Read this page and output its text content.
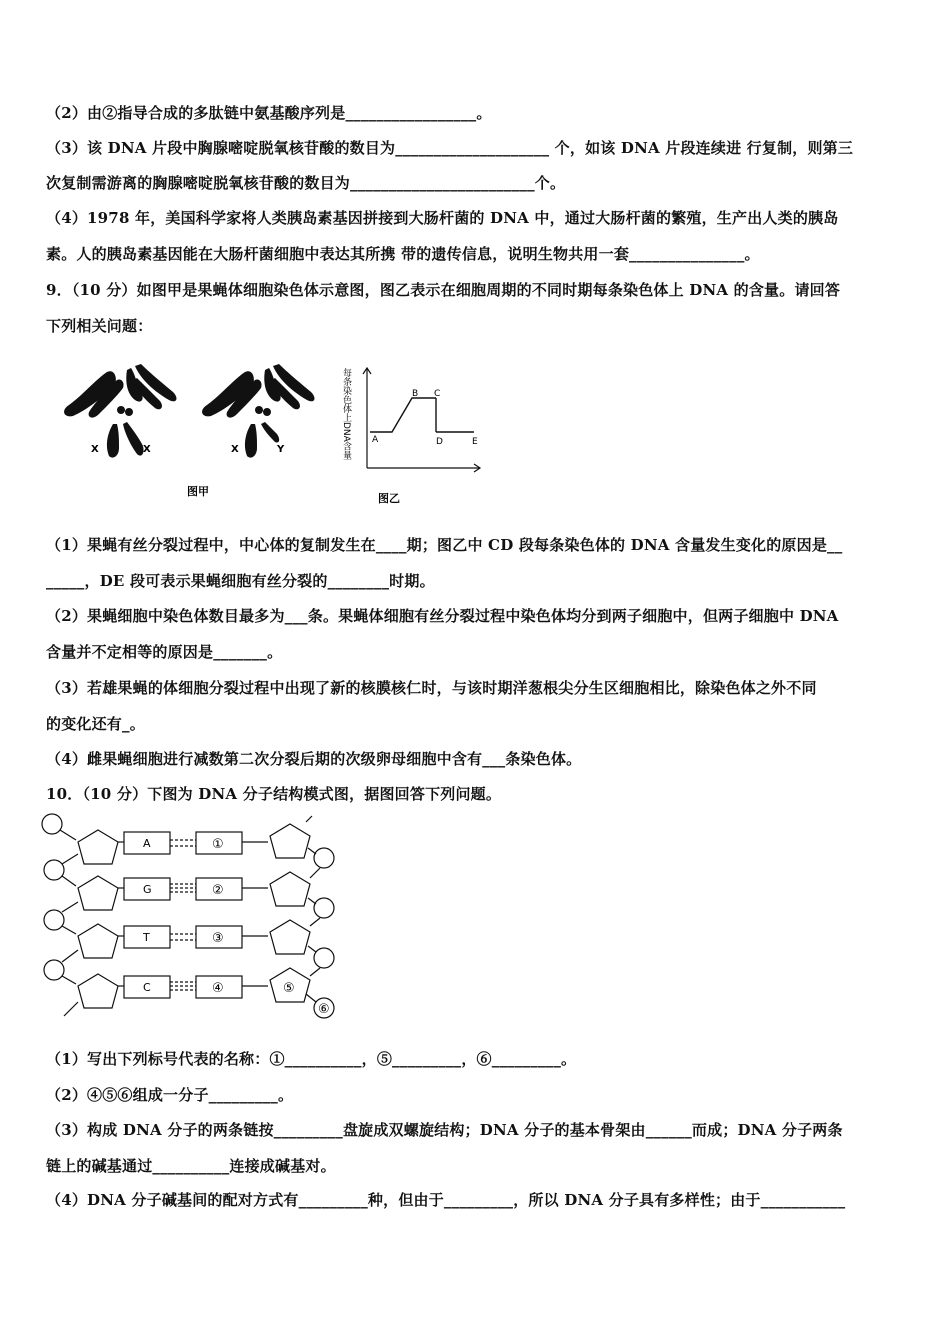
（2）由②指导合成的多肽链中氨基酸序列是_________________。
（3）该 DNA 片段中胸腺嘧啶脱氧核苷酸的数目为____________________ 个，如该 DNA 片段连续进 行复制，则第三
次复制需游离的胸腺嘧啶脱氧核苷酸的数目为________________________个。
（4）1978 年，美国科学家将人类胰岛素基因拼接到大肠杆菌的 DNA 中，通过大肠杆菌的繁殖，生产出人类的胰岛
素。人的胰岛素基因能在大肠杆菌细胞中表达其所携 带的遗传信息，说明生物共用一套_______________。
9．（10 分）如图甲是果蝇体细胞染色体示意图，图乙表示在细胞周期的不同时期每条染色体上 DNA 的含量。请回答
下列相关问题：
X	X
图甲
X	Y	每条染色体上DNA含量 A
B C
D	E
图乙
（1）果蝇有丝分裂过程中，中心体的复制发生在____期；图乙中 CD 段每条染色体的 DNA 含量发生变化的原因是__
_____，DE 段可表示果蝇细胞有丝分裂的________时期。
（2）果蝇细胞中染色体数目最多为___条。果蝇体细胞有丝分裂过程中染色体均分到两子细胞中，但两子细胞中 DNA
含量并不定相等的原因是_______。
（3）若雄果蝇的体细胞分裂过程中出现了新的核膜核仁时，与该时期洋葱根尖分生区细胞相比，除染色体之外不同
的变化还有_。
（4）雌果蝇细胞进行减数第二次分裂后期的次级卵母细胞中含有___条染色体。
10．（10 分）下图为 DNA 分子结构模式图，据图回答下列问题。
A
G
T
C
①
②
③
④	⑤
⑥
（1）写出下列标号代表的名称：①__________，⑤_________，⑥_________。
（2）④⑤⑥组成一分子_________。
（3）构成 DNA 分子的两条链按_________盘旋成双螺旋结构；DNA 分子的基本骨架由______而成；DNA 分子两条
链上的碱基通过__________连接成碱基对。
（4）DNA 分子碱基间的配对方式有_________种，但由于_________，所以 DNA 分子具有多样性；由于___________
